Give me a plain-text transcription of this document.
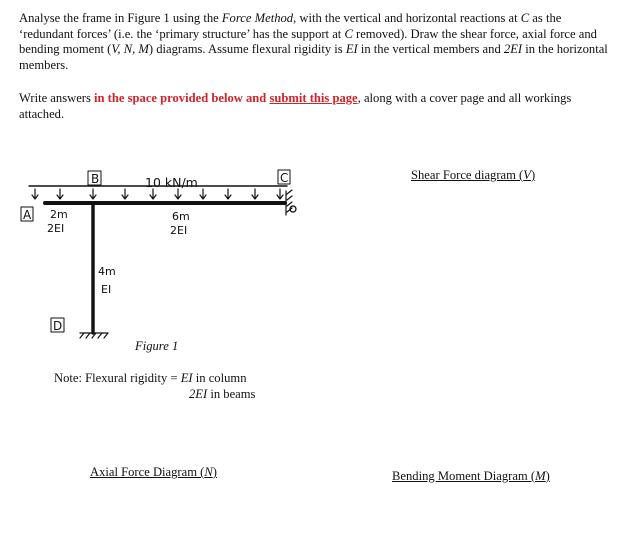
Analyse the frame in Figure 1 using the Force Method, with the vertical and horizontal reactions at C as the ‘redundant forces’ (i.e. the ‘primary structure’ has the support at C removed). Draw the shear force, axial force and bending moment (V, N, M) diagrams. Assume flexural rigidity is EI in the vertical members and 2EI in the horizontal members.
Write answers in the space provided below and submit this page, along with a cover page and all workings attached.
B	C
A
D
10 kN/m
2m
2EI
6m
2EI
4m
EI
Figure 1
Note: Flexural rigidity = EI in column
2EI in beams
Shear Force diagram (V)
Axial Force Diagram (N)	Bending Moment Diagram (M)
